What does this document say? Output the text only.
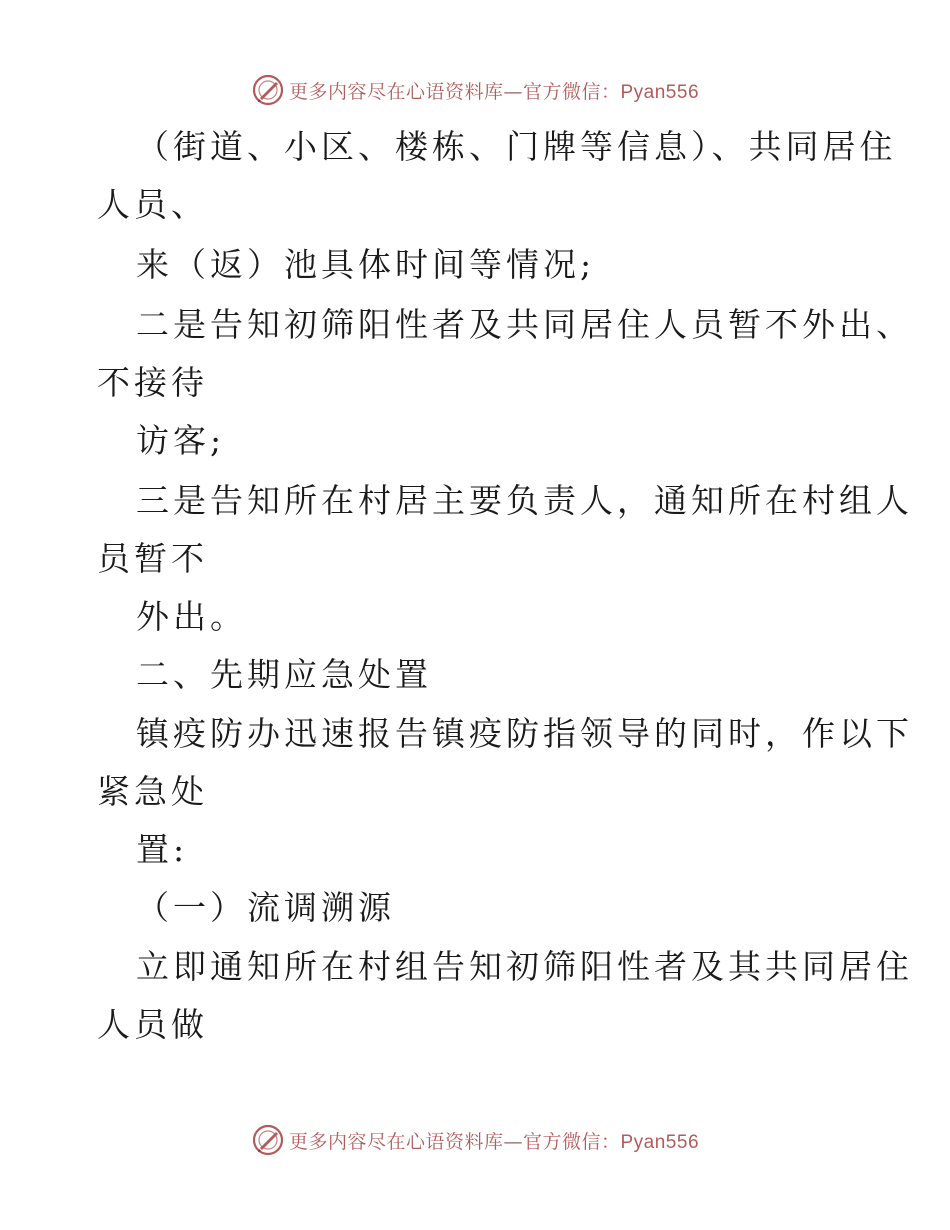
更多内容尽在心语资料库—官方微信：Pyan556
（街道、小区、楼栋、门牌等信息）、共同居住
人员、
来（返）池具体时间等情况;
二是告知初筛阳性者及共同居住人员暂不外出、
不接待
访客;
三是告知所在村居主要负责人，通知所在村组人
员暂不
外出。
二、先期应急处置
镇疫防办迅速报告镇疫防指领导的同时，作以下
紧急处
置:
（一）流调溯源
立即通知所在村组告知初筛阳性者及其共同居住
人员做
更多内容尽在心语资料库—官方微信：Pyan556
